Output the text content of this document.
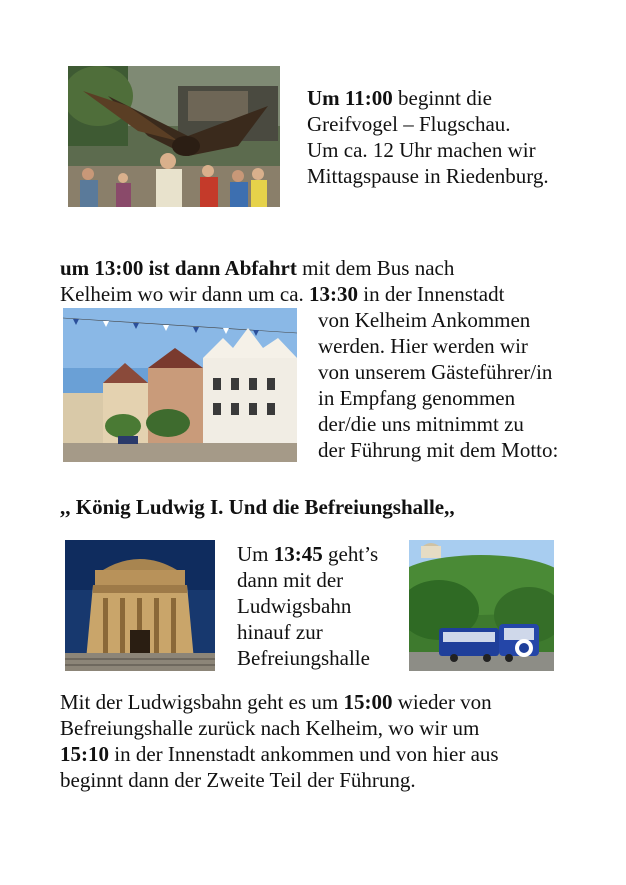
Um 11:00 beginnt die
Greifvogel – Flugschau.
Um ca. 12 Uhr machen wir
Mittagspause in Riedenburg.
um 13:00 ist dann Abfahrt mit dem Bus nach
Kelheim wo wir dann um ca. 13:30 in der Innenstadt
von Kelheim Ankommen
werden. Hier werden wir
von unserem Gästeführer/in
in Empfang genommen
der/die uns mitnimmt zu
der Führung mit dem Motto:
,, König Ludwig I. Und die Befreiungshalle,,
Um 13:45 geht’s
dann mit der
Ludwigsbahn
hinauf zur
Befreiungshalle
Mit der Ludwigsbahn geht es um 15:00 wieder von
Befreiungshalle zurück nach Kelheim, wo wir um
15:10 in der Innenstadt ankommen und von hier aus
beginnt dann der Zweite Teil der Führung.
